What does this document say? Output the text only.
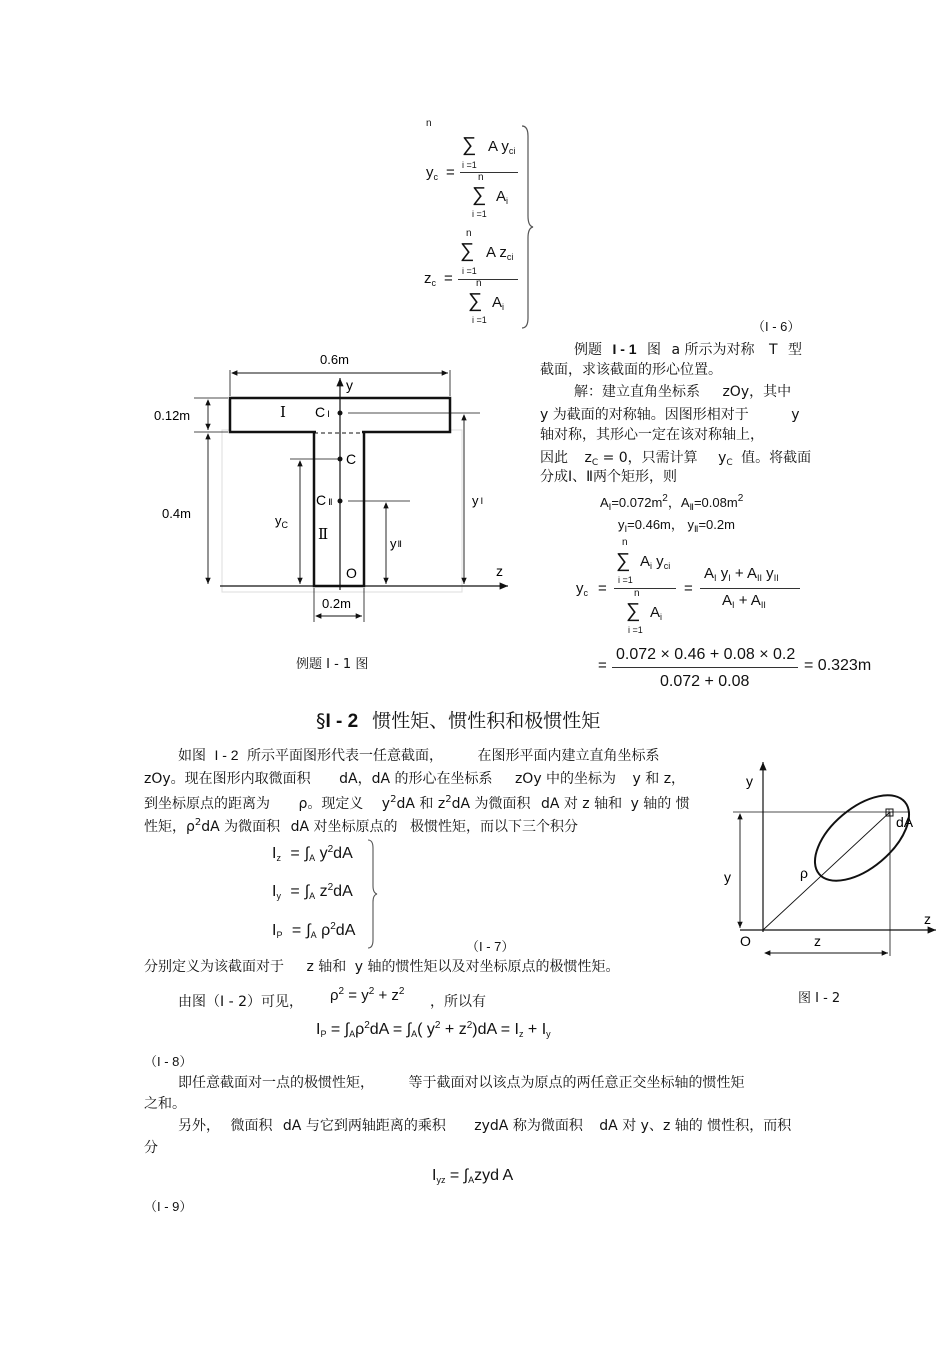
n
∑ A $y_{ci}$
i =1
$y_c = n$
∑ $A_i$
i =1
n
∑ A $z_{ci}$
i =1
$z_c = n$
∑ $A_i$
i =1	（I - 6）
例题 I - 1 图 a 所示为对称 T 型
截面，求该截面的形心位置。
解：建立直角坐标系 zOy，其中
y 为截面的对称轴。因图形相对于	y
轴对称，其形心一定在该对称轴上，
因此 $z_C = 0$，只需计算 $y_C$ 值。将截面
分成Ⅰ、Ⅱ两个矩形，则
$A_Ⅰ=0.072m^2$，$A_Ⅱ=0.08m^2$
$y_Ⅰ=0.46m$， $y_Ⅱ=0.2m$
n
∑ $A_i$ $y_{ci}$
i =1
$y_c$ =	n
∑ $A_i$
i =1
=
$A_I$ $y_I + A_{II}$ $y_{II}$
$A_I + A_{II}$
=
0.072 × 0.46 + 0.08 × 0.2
0.072 + 0.08
= 0.323m
0.6m
0.12m
0.4m
0.2m
$y_C$
y Ⅰ
yⅡ
y
z
O
Ⅰ
Ⅱ
C Ⅰ
C
C Ⅱ
例题 I - 1 图
§I - 2 惯性矩、惯性积和极惯性矩
如图 I - 2 所示平面图形代表一任意截面， 在图形平面内建立直角坐标系
zOy。现在图形内取微面积 dA，dA 的形心在坐标系 zOy 中的坐标为 y 和 z，
到坐标原点的距离为 ρ。现定义 $y^2dA$ 和 $z^2dA$ 为微面积 dA 对 z 轴和 y 轴的 惯
性矩，$\rho^2dA$ 为微面积 dA 对坐标原点的 极惯性矩，而以下三个积分
$I_z = \int_A$ $y^2dA$
$I_y = \int_A$ $z^2dA$
$I_P = \int_A$ $\rho^2dA$
（I - 7）
分别定义为该截面对于 z 轴和 y 轴的惯性矩以及对坐标原点的极惯性矩。
由图（I - 2）可见， $\rho^2 = y^2 + z^2$
，所以有
$I_P = \int_A\rho^2dA = \int_A$( $y^2 + z^2)dA = I_z + I_y$
（I - 8）
即任意截面对一点的极惯性矩， 等于截面对以该点为原点的两任意正交坐标轴的惯性矩
之和。
另外， 微面积 dA 与它到两轴距离的乘积 zydA 称为微面积 dA 对 y、z 轴的 惯性积，而积
分
$I_{yz} = \int_Azyd$ A
（I - 9）
y
z
O
dA
ρ
y
z
图 I - 2
